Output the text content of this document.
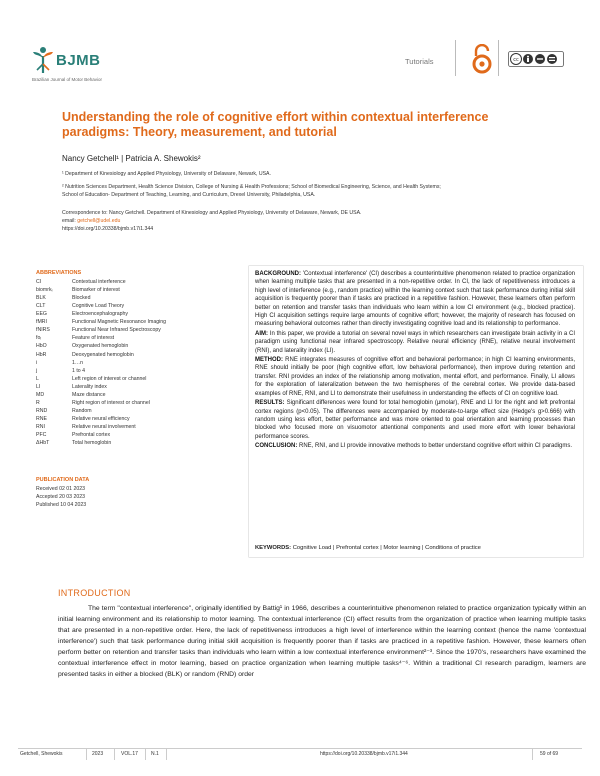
BJMB
Brazilian Journal of Motor Behavior
Tutorials	cc
Understanding the role of cognitive effort within contextual interference paradigms: Theory, measurement, and tutorial
Nancy Getchell¹ | Patricia A. Shewokis²
¹ Department of Kinesiology and Applied Physiology, University of Delaware, Newark, USA.
² Nutrition Sciences Department, Health Science Division, College of Nursing & Health Professions; School of Biomedical Engineering, Science, and Health Systems;
School of Education- Department of Teaching, Learning, and Curriculum, Drexel University, Philadelphia, USA.
Correspondence to: Nancy Getchell. Department of Kinesiology and Applied Physiology, University of Delaware, Newark, DE USA.
email: getchell@udel.edu
https://doi.org/10.20338/bjmb.v17i1.344
ABBREVIATIONS
CI	Contextual interference
biomrkᵢ	Biomarker of interest
BLK	Blocked
CLT	Cognitive Load Theory
EEG	Electroencephalography
fMRI	Functional Magnetic Resonance Imaging
fNIRS	Functional Near Infrared Spectroscopy
foᵢ	Feature of interest
HbO	Oxygenated hemoglobin
HbR	Deoxygenated hemoglobin
i	1…n
j	1 to 4
L	Left region of interest or channel
LI	Laterality index
MD	Maze distance
R	Right region of interest or channel
RND	Random
RNE	Relative neural efficiency
RNI	Relative neural involvement
PFC	Prefrontal cortex
ΔHbT	Total hemoglobin
PUBLICATION DATA
Received 02 01 2023
Accepted 20 03 2023
Published 10 04 2023

BACKGROUND: 'Contextual interference' (CI) describes a counterintuitive phenomenon related to practice organization when learning multiple tasks that are presented in a non-repetitive order. In CI, the lack of repetitiveness introduces a high level of interference (e.g., random practice) within the learning context such that task performance during initial skill acquisition is frequently poorer than if tasks are practiced in a repetitive fashion. However, these learners often perform better on retention and transfer tasks than individuals who learn within a low CI environment (e.g., blocked practice). High CI acquisition settings require large amounts of cognitive effort; however, the majority of research has focused on measuring behavioral outcomes rather than directly investigating cognitive load and its relationship to performance.

AIM: In this paper, we provide a tutorial on several novel ways in which researchers can investigate brain activity in a CI paradigm using functional near infrared spectroscopy. Relative neural efficiency (RNE), relative neural involvement (RNI), and laterality index (LI).

METHOD: RNE integrates measures of cognitive effort and behavioral performance; in high CI learning environments, RNE should initially be poor (high cognitive effort, low behavioral performance), then improve during retention and transfer. RNI provides an index of the relationship among motivation, mental effort, and performance. Finally, LI allows for the exploration of lateralization between the two hemispheres of the cerebral cortex. We provide data-based examples of RNE, RNI, and LI to demonstrate their usefulness in understanding the effects of CI on cognitive load.

RESULTS: Significant differences were found for total hemoglobin (μmolar), RNE and LI for the right and left prefrontal cortex regions (p<0.05). The differences were accompanied by moderate-to-large effect size (Hedge's g>0.666) with random using less effort, better performance and was more oriented to goal orientation and learning processes than blocked who focused more on visuomotor attentional components and used more effort with lower behavioral performance scores.

CONCLUSION: RNE, RNI, and LI provide innovative methods to better understand cognitive effort within CI paradigms.

KEYWORDS: Cognitive Load | Prefrontal cortex | Motor learning | Conditions of practice
INTRODUCTION
The term "contextual interference", originally identified by Battig¹ in 1966, describes a counterintuitive phenomenon related to practice organization typically within an initial learning environment and its relationship to motor learning. The contextual interference (CI) effect results from the organization of practice when learning multiple tasks that are presented in a non-repetitive order. Here, the lack of repetitiveness introduces a high level of interference within the learning context (hence the name 'contextual interference') such that task performance during initial skill acquisition is frequently poorer than if tasks are practiced in a repetitive fashion. However, these learners often perform better on retention and transfer tasks than individuals who learn within a low contextual interference environment²⁻³. Since the 1970's, researchers have examined the contextual interference effect in motor learning, based on practice organization when learning multiple tasks⁴⁻⁶. Within a traditional CI research paradigm, learners are presented tasks in either a blocked (BLK) or random (RND) order
Getchell, Shewokis	2023	VOL.17	N.1	https://doi.org/10.20338/bjmb.v17i1.344	59 of 69
